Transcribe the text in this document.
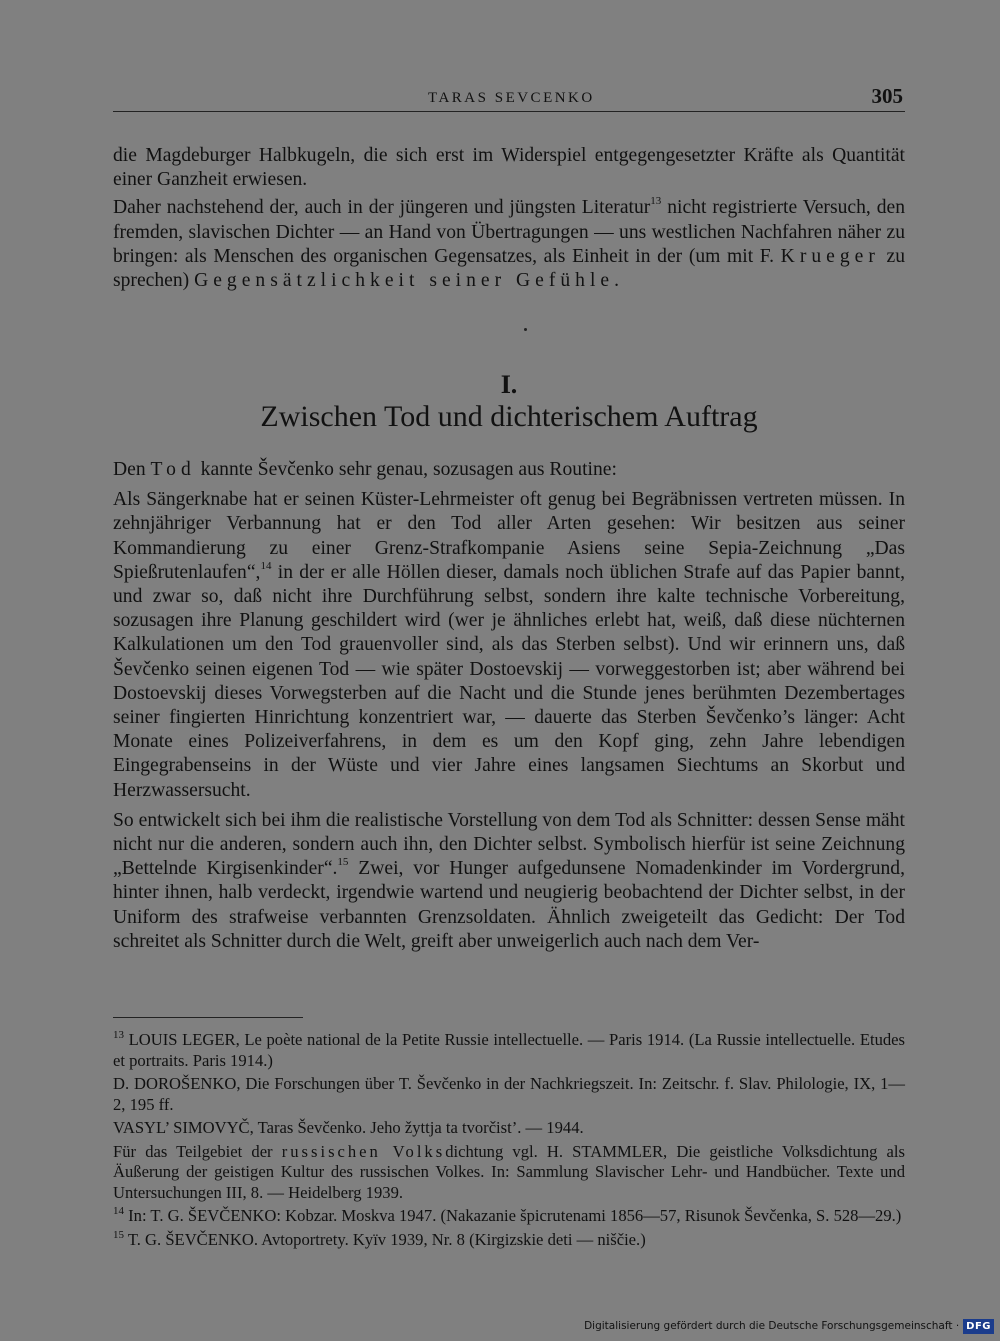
TARAS SEVCENKO	305

die Magdeburger Halbkugeln, die sich erst im Widerspiel entgegengesetzter Kräfte als Quantität einer Ganzheit erwiesen.

Daher nachstehend der, auch in der jüngeren und jüngsten Literatur$^{13}$ nicht registrierte Versuch, den fremden, slavischen Dichter — an Hand von Übertragungen — uns westlichen Nachfahren näher zu bringen: als Menschen des organischen Gegensatzes, als Einheit in der (um mit F. Krueger zu sprechen) Gegensätzlichkeit seiner Gefühle.

I.
Zwischen Tod und dichterischem Auftrag

Den Tod kannte Ševčenko sehr genau, sozusagen aus Routine:

Als Sängerknabe hat er seinen Küster-Lehrmeister oft genug bei Begräbnissen vertreten müssen. In zehnjähriger Verbannung hat er den Tod aller Arten gesehen: Wir besitzen aus seiner Kommandierung zu einer Grenz-Strafkompanie Asiens seine Sepia-Zeichnung „Das Spießrutenlaufen“,$^{14}$ in der er alle Höllen dieser, damals noch üblichen Strafe auf das Papier bannt, und zwar so, daß nicht ihre Durchführung selbst, sondern ihre kalte technische Vorbereitung, sozusagen ihre Planung geschildert wird (wer je ähnliches erlebt hat, weiß, daß diese nüchternen Kalkulationen um den Tod grauenvoller sind, als das Sterben selbst). Und wir erinnern uns, daß Ševčenko seinen eigenen Tod — wie später Dostoevskij — vorweggestorben ist; aber während bei Dostoevskij dieses Vorwegsterben auf die Nacht und die Stunde jenes berühmten Dezembertages seiner fingierten Hinrichtung konzentriert war, — dauerte das Sterben Ševčenko’s länger: Acht Monate eines Polizeiverfahrens, in dem es um den Kopf ging, zehn Jahre lebendigen Eingegrabenseins in der Wüste und vier Jahre eines langsamen Siechtums an Skorbut und Herzwassersucht.

So entwickelt sich bei ihm die realistische Vorstellung von dem Tod als Schnitter: dessen Sense mäht nicht nur die anderen, sondern auch ihn, den Dichter selbst. Symbolisch hierfür ist seine Zeichnung „Bettelnde Kirgisenkinder“.$^{15}$ Zwei, vor Hunger aufgedunsene Nomadenkinder im Vordergrund, hinter ihnen, halb verdeckt, irgendwie wartend und neugierig beobachtend der Dichter selbst, in der Uniform des strafweise verbannten Grenzsoldaten. Ähnlich zweigeteilt das Gedicht: Der Tod schreitet als Schnitter durch die Welt, greift aber unweigerlich auch nach dem Ver-

$^{13}$ LOUIS LEGER, Le poète national de la Petite Russie intellectuelle. — Paris 1914. (La Russie intellectuelle. Etudes et portraits. Paris 1914.)

D. DOROŠENKO, Die Forschungen über T. Ševčenko in der Nachkriegszeit. In: Zeitschr. f. Slav. Philologie, IX, 1—2, 195 ff.

VASYL’ SIMOVYČ, Taras Ševčenko. Jeho žyttja ta tvorčist’. — 1944.

Für das Teilgebiet der russischen Volksdichtung vgl. H. STAMMLER, Die geistliche Volksdichtung als Äußerung der geistigen Kultur des russischen Volkes. In: Sammlung Slavischer Lehr- und Handbücher. Texte und Untersuchungen III, 8. — Heidelberg 1939.

$^{14}$ In: T. G. ŠEVČENKO: Kobzar. Moskva 1947. (Nakazanie špicrutenami 1856—57, Risunok Ševčenka, S. 528—29.)

$^{15}$ T. G. ŠEVČENKO. Avtoportrety. Kyïv 1939, Nr. 8 (Kirgizskie deti — niščie.)

Digitalisierung gefördert durch die Deutsche Forschungsgemeinschaft · DFG
